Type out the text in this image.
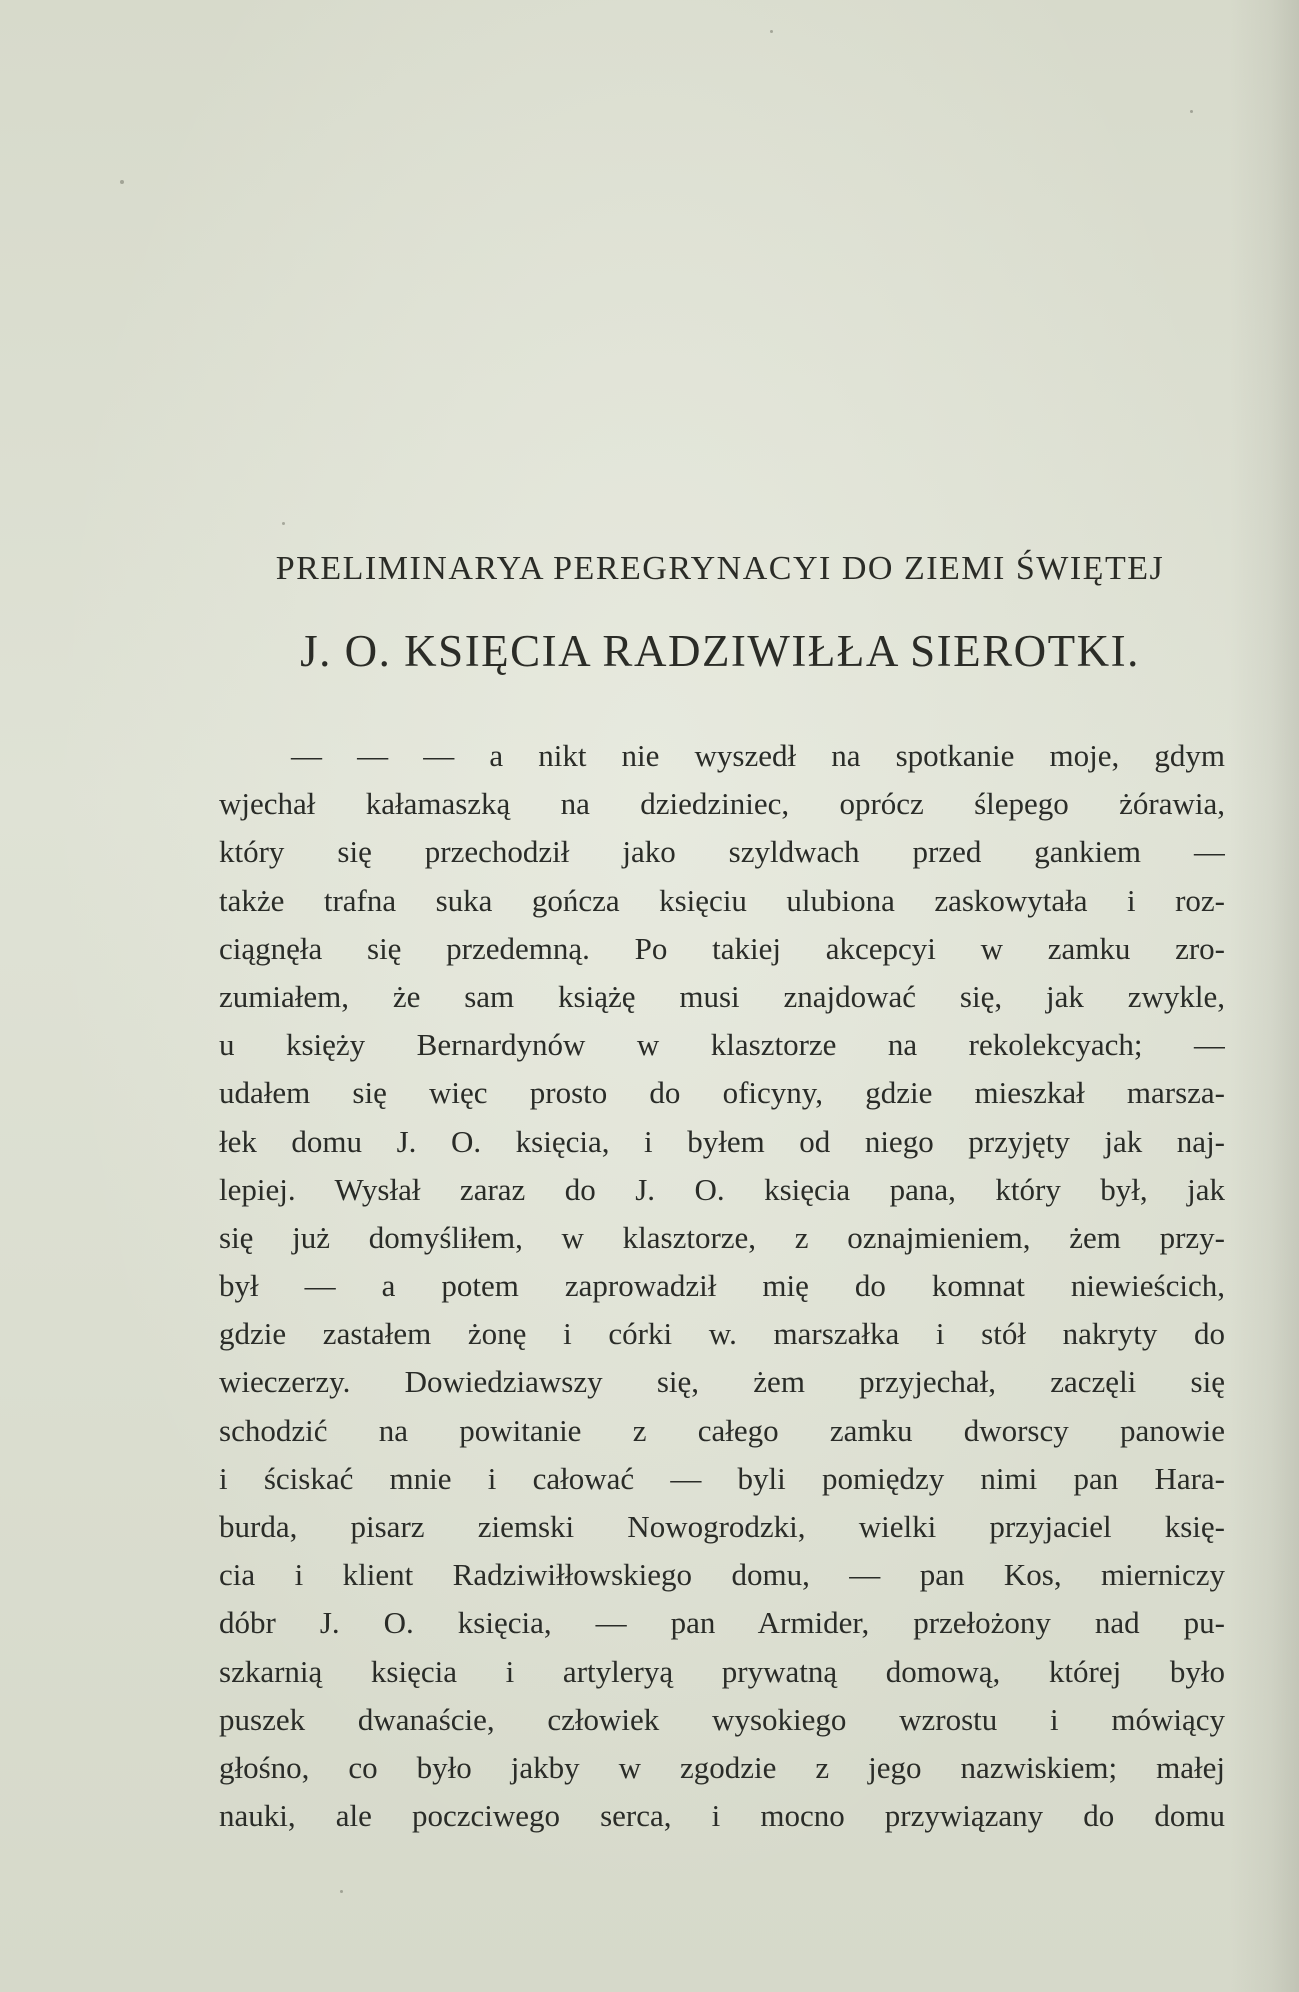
PRELIMINARYA PEREGRYNACYI DO ZIEMI ŚWIĘTEJ
J. O. KSIĘCIA RADZIWIŁŁA SIEROTKI.
— — — a nikt nie wyszedł na spotkanie moje, gdym
wjechał kałamaszką na dziedziniec, oprócz ślepego żórawia,
który się przechodził jako szyldwach przed gankiem —
także trafna suka gończa księciu ulubiona zaskowytała i roz-
ciągnęła się przedemną. Po takiej akcepcyi w zamku zro-
zumiałem, że sam książę musi znajdować się, jak zwykle,
u księży Bernardynów w klasztorze na rekolekcyach; —
udałem się więc prosto do oficyny, gdzie mieszkał marsza-
łek domu J. O. księcia, i byłem od niego przyjęty jak naj-
lepiej. Wysłał zaraz do J. O. księcia pana, który był, jak
się już domyśliłem, w klasztorze, z oznajmieniem, żem przy-
był — a potem zaprowadził mię do komnat niewieścich,
gdzie zastałem żonę i córki w. marszałka i stół nakryty do
wieczerzy. Dowiedziawszy się, żem przyjechał, zaczęli się
schodzić na powitanie z całego zamku dworscy panowie
i ściskać mnie i całować — byli pomiędzy nimi pan Hara-
burda, pisarz ziemski Nowogrodzki, wielki przyjaciel księ-
cia i klient Radziwiłłowskiego domu, — pan Kos, mierniczy
dóbr J. O. księcia, — pan Armider, przełożony nad pu-
szkarnią księcia i artyleryą prywatną domową, której było
puszek dwanaście, człowiek wysokiego wzrostu i mówiący
głośno, co było jakby w zgodzie z jego nazwiskiem; małej
nauki, ale poczciwego serca, i mocno przywiązany do domu
